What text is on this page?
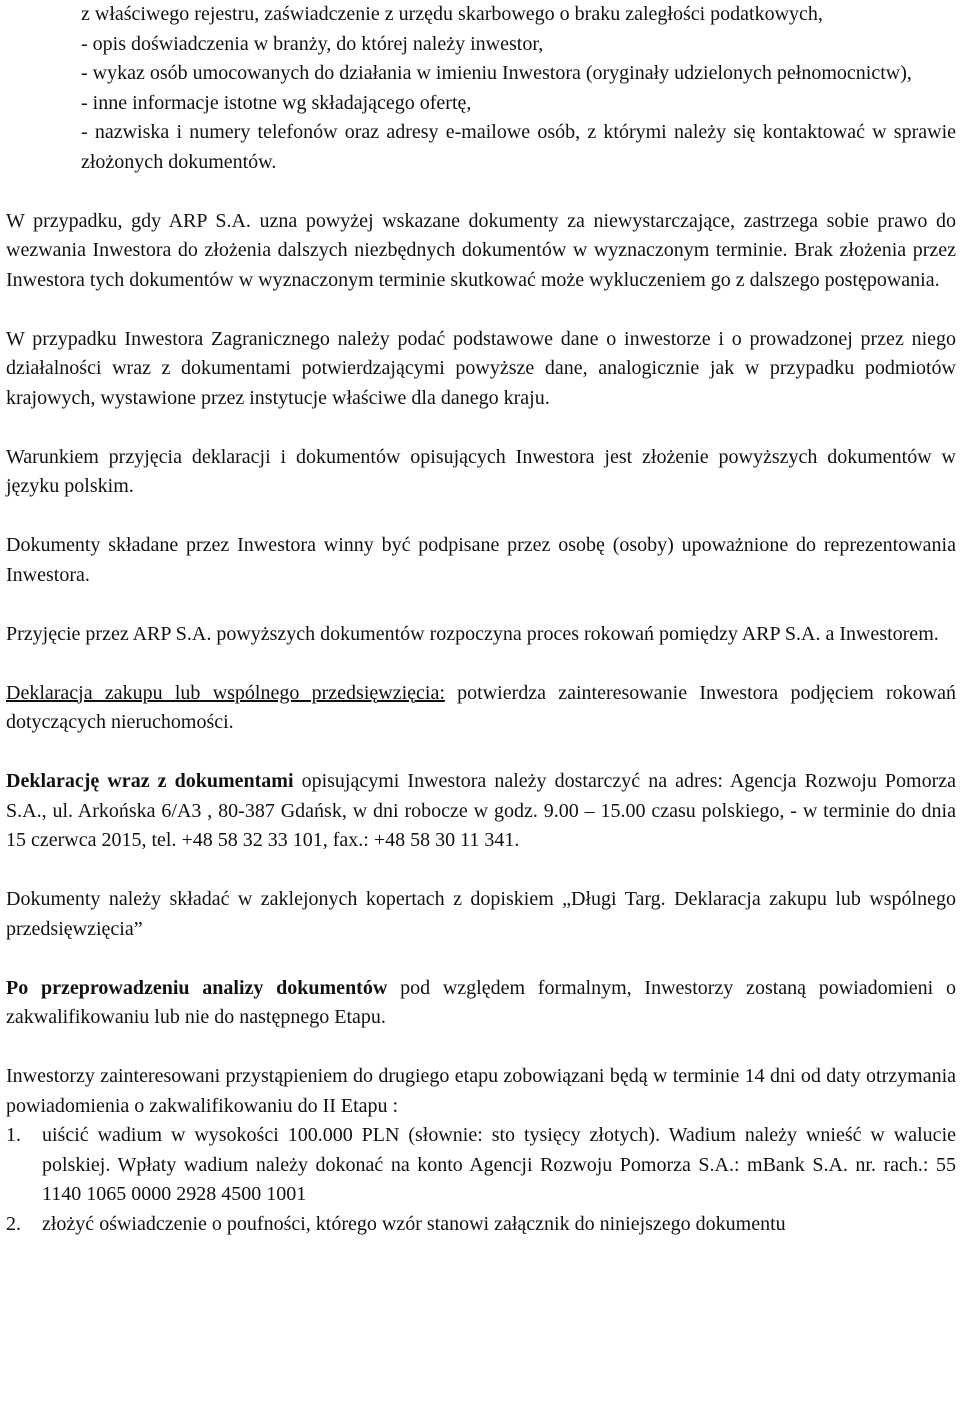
z właściwego rejestru, zaświadczenie z urzędu skarbowego o braku zaległości podatkowych,
- opis doświadczenia w branży, do której należy inwestor,
- wykaz osób umocowanych do działania w imieniu Inwestora (oryginały udzielonych pełnomocnictw),
- inne informacje istotne wg składającego ofertę,
- nazwiska i numery telefonów oraz adresy e-mailowe osób, z którymi należy się kontaktować w sprawie złożonych dokumentów.

W przypadku, gdy ARP S.A. uzna powyżej wskazane dokumenty za niewystarczające, zastrzega sobie prawo do wezwania Inwestora do złożenia dalszych niezbędnych dokumentów w wyznaczonym terminie. Brak złożenia przez Inwestora tych dokumentów w wyznaczonym terminie skutkować może wykluczeniem go z dalszego postępowania.

W przypadku Inwestora Zagranicznego należy podać podstawowe dane o inwestorze i o prowadzonej przez niego działalności wraz z dokumentami potwierdzającymi powyższe dane, analogicznie jak w przypadku podmiotów krajowych, wystawione przez instytucje właściwe dla danego kraju.

Warunkiem przyjęcia deklaracji i dokumentów opisujących Inwestora jest złożenie powyższych dokumentów w języku polskim.

Dokumenty składane przez Inwestora winny być podpisane przez osobę (osoby) upoważnione do reprezentowania Inwestora.

Przyjęcie przez ARP S.A. powyższych dokumentów rozpoczyna proces rokowań pomiędzy ARP S.A. a Inwestorem.

Deklaracja zakupu lub wspólnego przedsięwzięcia: potwierdza zainteresowanie Inwestora podjęciem rokowań dotyczących nieruchomości.

Deklarację wraz z dokumentami opisującymi Inwestora należy dostarczyć na adres: Agencja Rozwoju Pomorza S.A., ul. Arkońska 6/A3 , 80-387 Gdańsk, w dni robocze w godz. 9.00 – 15.00 czasu polskiego, - w terminie do dnia 15 czerwca 2015, tel. +48 58 32 33 101, fax.: +48 58 30 11 341.

Dokumenty należy składać w zaklejonych kopertach z dopiskiem „Długi Targ. Deklaracja zakupu lub wspólnego przedsięwzięcia”

Po przeprowadzeniu analizy dokumentów pod względem formalnym, Inwestorzy zostaną powiadomieni o zakwalifikowaniu lub nie do następnego Etapu.

Inwestorzy zainteresowani przystąpieniem do drugiego etapu zobowiązani będą w terminie 14 dni od daty otrzymania powiadomienia o zakwalifikowaniu do II Etapu :

1. uiścić wadium w wysokości 100.000 PLN (słownie: sto tysięcy złotych). Wadium należy wnieść w walucie polskiej. Wpłaty wadium należy dokonać na konto Agencji Rozwoju Pomorza S.A.: mBank S.A. nr. rach.: 55 1140 1065 0000 2928 4500 1001
2. złożyć oświadczenie o poufności, którego wzór stanowi załącznik do niniejszego dokumentu
